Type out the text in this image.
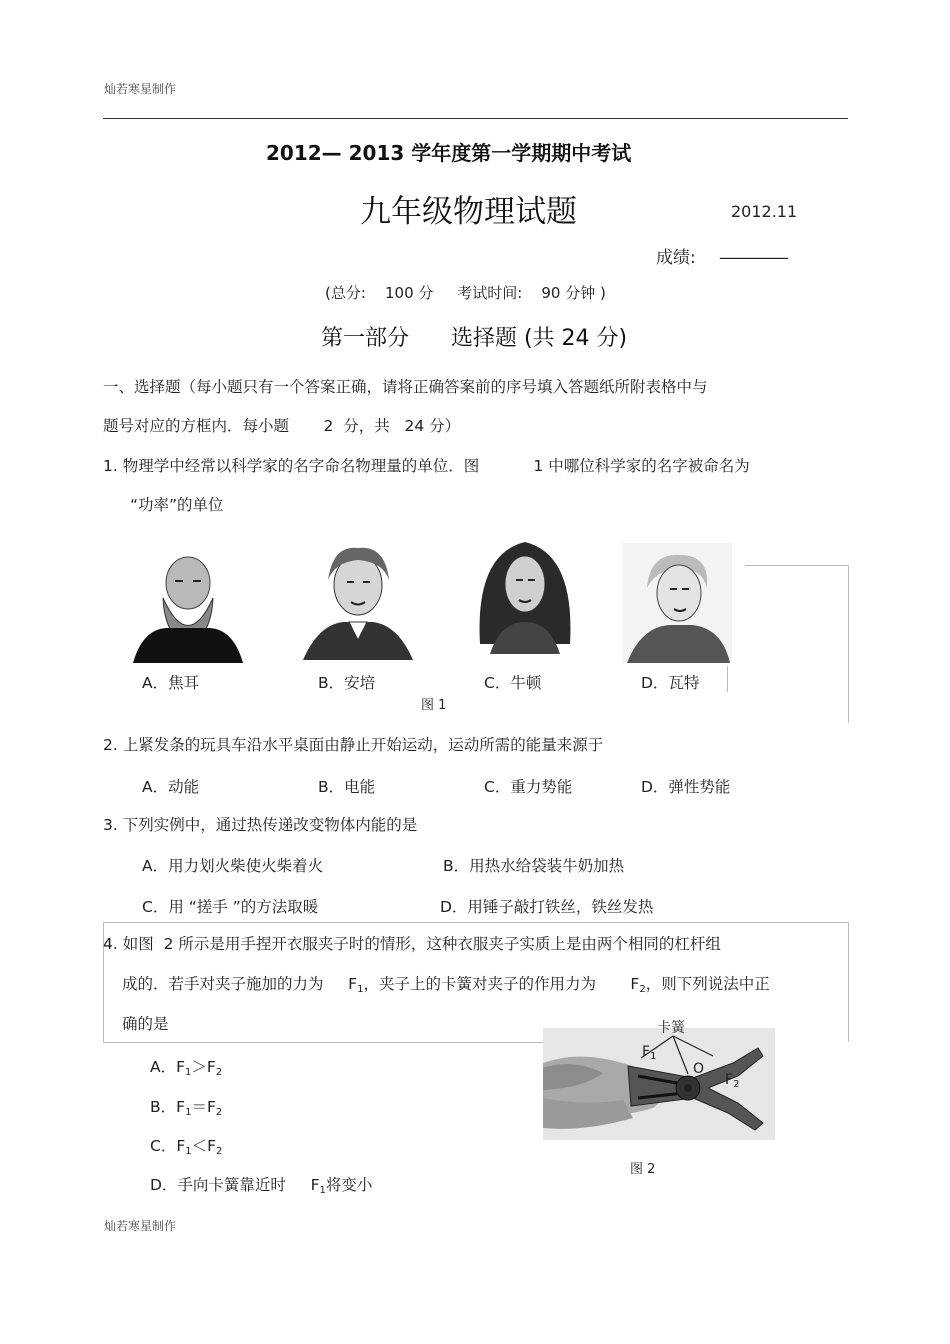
灿若寒星制作
2012— 2013 学年度第一学期期中考试
九年级物理试题	2012.11
成绩: ________
(总分:    100 分     考试时间:    90 分钟 )
第一部分      选择题 (共 24 分)
一、选择题（每小题只有一个答案正确，请将正确答案前的序号填入答题纸所附表格中与
题号对应的方框内．每小题       2  分，共   24 分）
1. 物理学中经常以科学家的名字命名物理量的单位．图           1 中哪位科学家的名字被命名为
“功率”的单位
A．焦耳	B．安培	C．牛顿	D．瓦特
图 1
2. 上紧发条的玩具车沿水平桌面由静止开始运动，运动所需的能量来源于
A．动能	B．电能	C．重力势能	D．弹性势能
3. 下列实例中，通过热传递改变物体内能的是
A．用力划火柴使火柴着火	B．用热水给袋装牛奶加热
C．用 “搓手 ”的方法取暖	D．用锤子敲打铁丝，铁丝发热
4. 如图  2 所示是用手捏开衣服夹子时的情形，这种衣服夹子实质上是由两个相同的杠杆组
成的．若手对夹子施加的力为     F1，夹子上的卡簧对夹子的作用力为       F2，则下列说法中正
确的是
A．F1＞F2
B．F1＝F2
C．F1＜F2
D．手向卡簧靠近时     F1将变小
卡簧
$F_1$
O
$F_2$
图 2
灿若寒星制作
